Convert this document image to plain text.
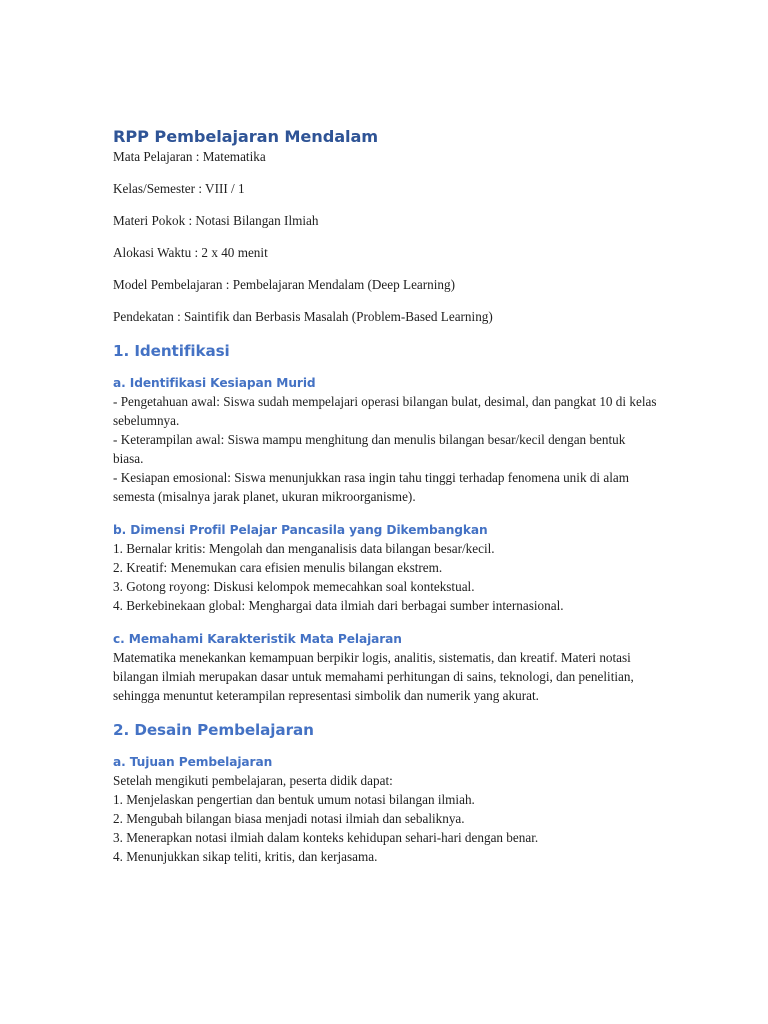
RPP Pembelajaran Mendalam

Mata Pelajaran : Matematika

Kelas/Semester : VIII / 1

Materi Pokok : Notasi Bilangan Ilmiah

Alokasi Waktu : 2 x 40 menit

Model Pembelajaran : Pembelajaran Mendalam (Deep Learning)

Pendekatan : Saintifik dan Berbasis Masalah (Problem-Based Learning)

1. Identifikasi
a. Identifikasi Kesiapan Murid
- Pengetahuan awal: Siswa sudah mempelajari operasi bilangan bulat, desimal, dan pangkat 10 di kelas sebelumnya.
- Keterampilan awal: Siswa mampu menghitung dan menulis bilangan besar/kecil dengan bentuk biasa.
- Kesiapan emosional: Siswa menunjukkan rasa ingin tahu tinggi terhadap fenomena unik di alam semesta (misalnya jarak planet, ukuran mikroorganisme).
b. Dimensi Profil Pelajar Pancasila yang Dikembangkan
1. Bernalar kritis: Mengolah dan menganalisis data bilangan besar/kecil.
2. Kreatif: Menemukan cara efisien menulis bilangan ekstrem.
3. Gotong royong: Diskusi kelompok memecahkan soal kontekstual.
4. Berkebinekaan global: Menghargai data ilmiah dari berbagai sumber internasional.
c. Memahami Karakteristik Mata Pelajaran

Matematika menekankan kemampuan berpikir logis, analitis, sistematis, dan kreatif. Materi notasi bilangan ilmiah merupakan dasar untuk memahami perhitungan di sains, teknologi, dan penelitian, sehingga menuntut keterampilan representasi simbolik dan numerik yang akurat.

2. Desain Pembelajaran
a. Tujuan Pembelajaran
Setelah mengikuti pembelajaran, peserta didik dapat:
1. Menjelaskan pengertian dan bentuk umum notasi bilangan ilmiah.
2. Mengubah bilangan biasa menjadi notasi ilmiah dan sebaliknya.
3. Menerapkan notasi ilmiah dalam konteks kehidupan sehari-hari dengan benar.
4. Menunjukkan sikap teliti, kritis, dan kerjasama.
